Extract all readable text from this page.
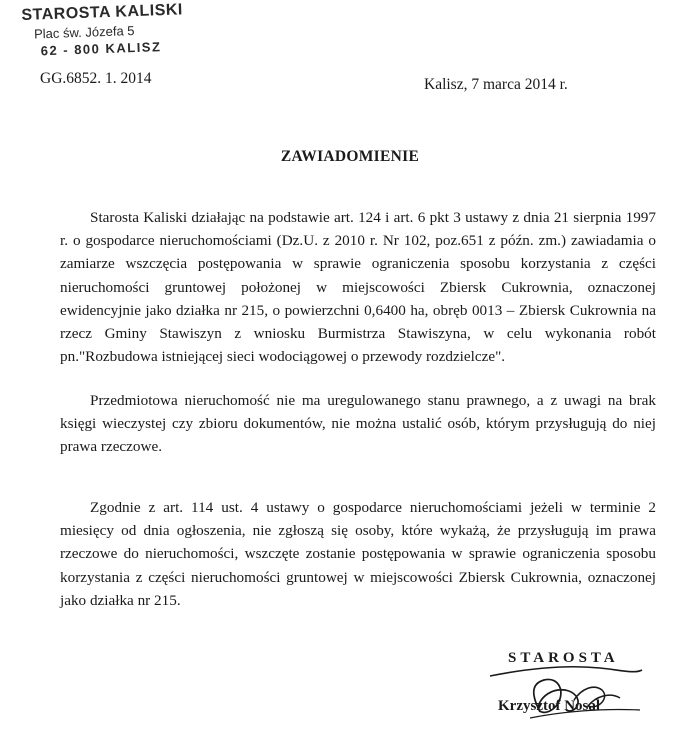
STAROSTA KALISKI
Plac św. Józefa 5
62 - 800 KALISZ
GG.6852. 1. 2014	Kalisz, 7 marca 2014 r.
ZAWIADOMIENIE

Starosta Kaliski działając na podstawie art. 124 i art. 6 pkt 3 ustawy z dnia 21 sierpnia 1997 r. o gospodarce nieruchomościami (Dz.U. z 2010 r. Nr 102, poz.651 z późn. zm.) zawiadamia o zamiarze wszczęcia postępowania w sprawie ograniczenia sposobu korzystania z części nieruchomości gruntowej położonej w miejscowości Zbiersk Cukrownia, oznaczonej ewidencyjnie jako działka nr 215, o powierzchni 0,6400 ha, obręb 0013 – Zbiersk Cukrownia na rzecz Gminy Stawiszyn z wniosku Burmistrza Stawiszyna, w celu wykonania robót pn."Rozbudowa istniejącej sieci wodociągowej o przewody rozdzielcze".

Przedmiotowa nieruchomość nie ma uregulowanego stanu prawnego, a z uwagi na brak księgi wieczystej czy zbioru dokumentów, nie można ustalić osób, którym przysługują do niej prawa rzeczowe.

Zgodnie z art. 114 ust. 4 ustawy o gospodarce nieruchomościami jeżeli w terminie 2 miesięcy od dnia ogłoszenia, nie zgłoszą się osoby, które wykażą, że przysługują im prawa rzeczowe do nieruchomości, wszczęte zostanie postępowania w sprawie ograniczenia sposobu korzystania z części nieruchomości gruntowej w miejscowości Zbiersk Cukrownia, oznaczonej jako działka nr 215.

STAROSTA
Krzysztof Nosal
